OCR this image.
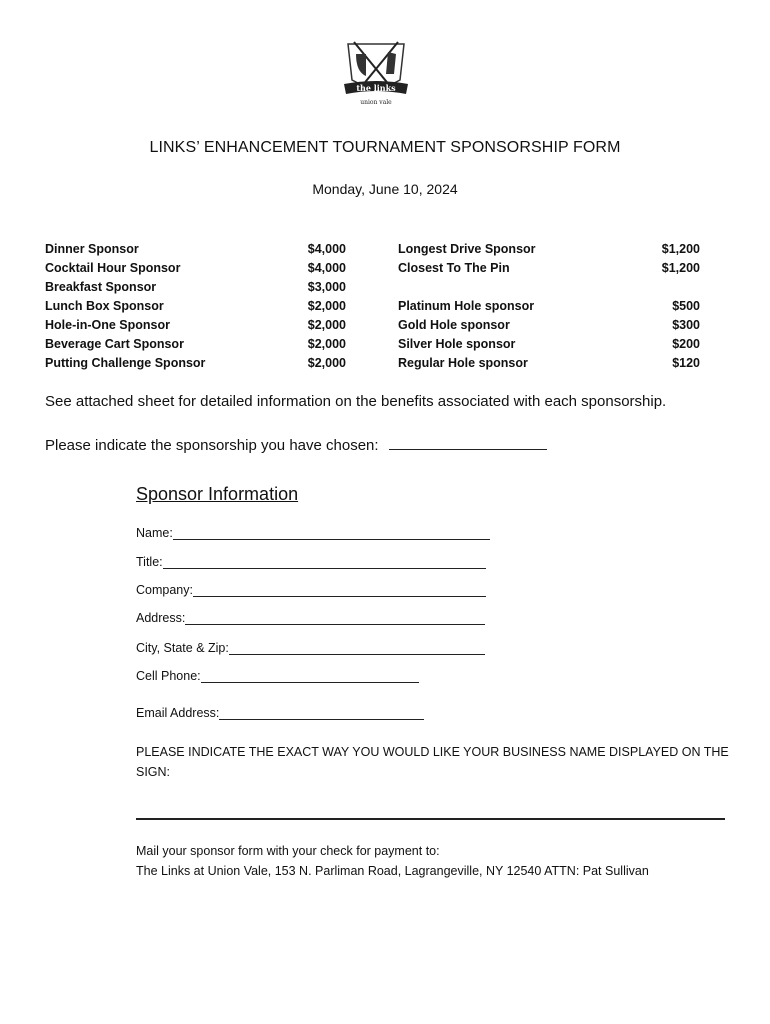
the links
union vale
LINKS’ ENHANCEMENT TOURNAMENT SPONSORSHIP FORM
Monday, June 10, 2024
Dinner Sponsor
Cocktail Hour Sponsor
Breakfast Sponsor
Lunch Box Sponsor
Hole-in-One Sponsor
Beverage Cart Sponsor
Putting Challenge Sponsor
$4,000
$4,000
$3,000
$2,000
$2,000
$2,000
$2,000
Longest Drive Sponsor
Closest To The Pin
Platinum Hole sponsor
Gold Hole sponsor
Silver Hole sponsor
Regular Hole sponsor
$1,200
$1,200
$500
$300
$200
$120
See attached sheet for detailed information on the benefits associated with each sponsorship.
Please indicate the sponsorship you have chosen:
Sponsor Information
Name:
Title:
Company:
Address:
City, State & Zip:
Cell Phone:
Email Address:
PLEASE INDICATE THE EXACT WAY YOU WOULD LIKE YOUR BUSINESS NAME DISPLAYED ON THE SIGN:
Mail your sponsor form with your check for payment to:
The Links at Union Vale, 153 N. Parliman Road, Lagrangeville, NY 12540 ATTN: Pat Sullivan
